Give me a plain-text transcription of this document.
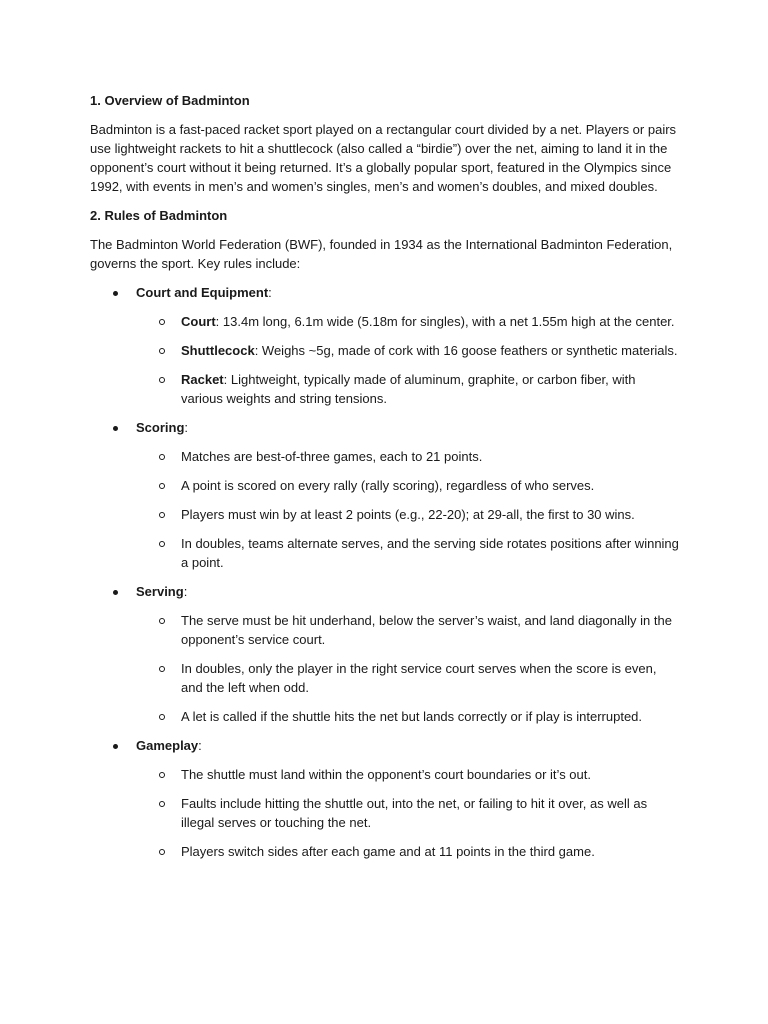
1. Overview of Badminton

Badminton is a fast-paced racket sport played on a rectangular court divided by a net. Players or pairs use lightweight rackets to hit a shuttlecock (also called a “birdie”) over the net, aiming to land it in the opponent’s court without it being returned. It’s a globally popular sport, featured in the Olympics since 1992, with events in men’s and women’s singles, men’s and women’s doubles, and mixed doubles.

2. Rules of Badminton

The Badminton World Federation (BWF), founded in 1934 as the International Badminton Federation, governs the sport. Key rules include:

Court and Equipment:
Court: 13.4m long, 6.1m wide (5.18m for singles), with a net 1.55m high at the center.
Shuttlecock: Weighs ~5g, made of cork with 16 goose feathers or synthetic materials.
Racket: Lightweight, typically made of aluminum, graphite, or carbon fiber, with various weights and string tensions.
Scoring:
Matches are best-of-three games, each to 21 points.
A point is scored on every rally (rally scoring), regardless of who serves.
Players must win by at least 2 points (e.g., 22-20); at 29-all, the first to 30 wins.
In doubles, teams alternate serves, and the serving side rotates positions after winning a point.
Serving:
The serve must be hit underhand, below the server’s waist, and land diagonally in the opponent’s service court.
In doubles, only the player in the right service court serves when the score is even, and the left when odd.
A let is called if the shuttle hits the net but lands correctly or if play is interrupted.
Gameplay:
The shuttle must land within the opponent’s court boundaries or it’s out.
Faults include hitting the shuttle out, into the net, or failing to hit it over, as well as illegal serves or touching the net.
Players switch sides after each game and at 11 points in the third game.
